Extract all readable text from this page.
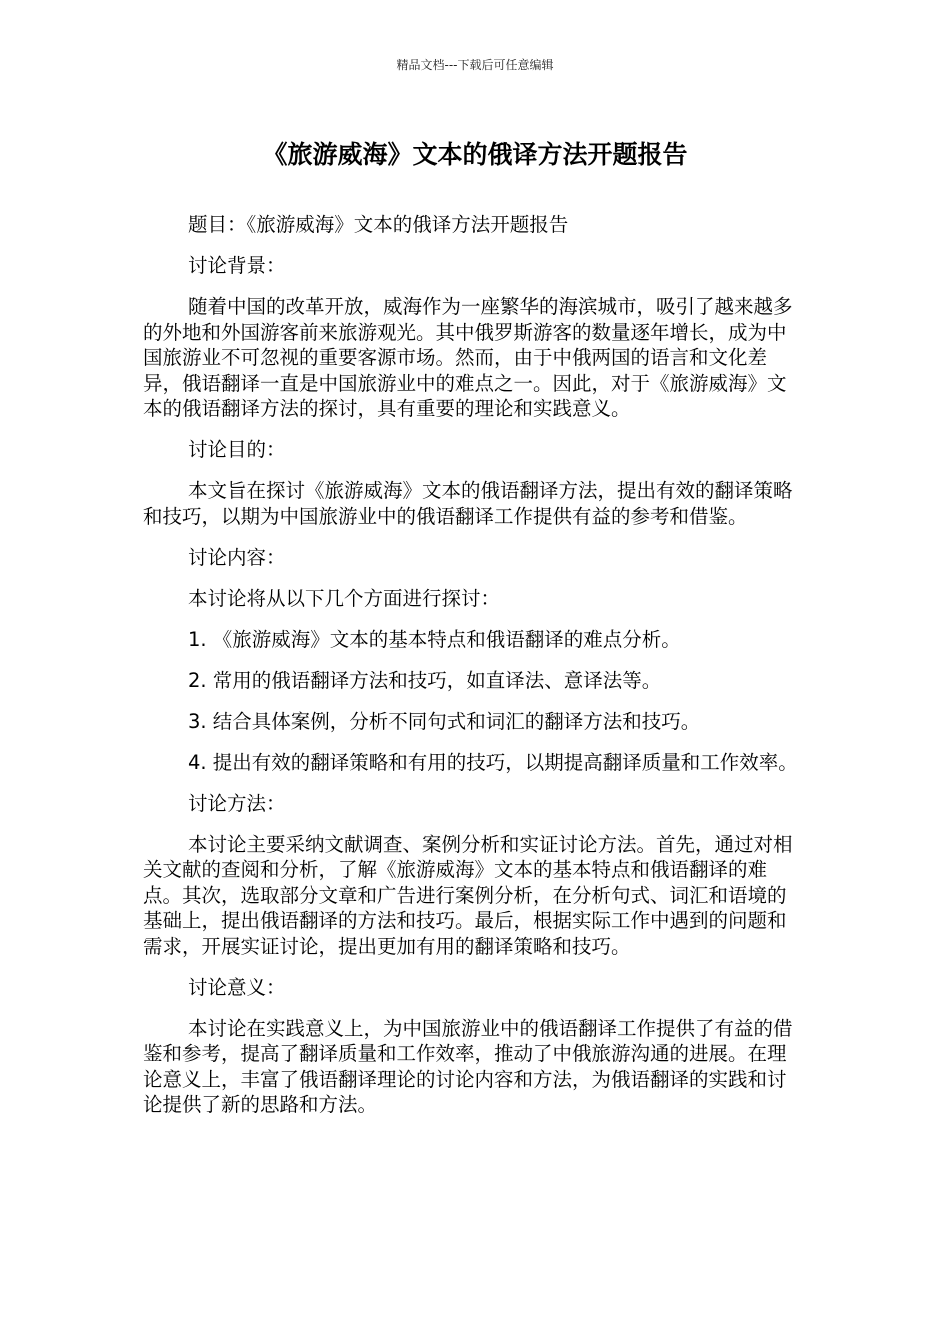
精品文档---下载后可任意编辑
《旅游威海》文本的俄译方法开题报告

题目：《旅游威海》文本的俄译方法开题报告

讨论背景：

随着中国的改革开放，威海作为一座繁华的海滨城市，吸引了越来越多的外地和外国游客前来旅游观光。其中俄罗斯游客的数量逐年增长，成为中国旅游业不可忽视的重要客源市场。然而，由于中俄两国的语言和文化差异，俄语翻译一直是中国旅游业中的难点之一。因此，对于《旅游威海》文本的俄语翻译方法的探讨，具有重要的理论和实践意义。

讨论目的：

本文旨在探讨《旅游威海》文本的俄语翻译方法，提出有效的翻译策略和技巧，以期为中国旅游业中的俄语翻译工作提供有益的参考和借鉴。

讨论内容：

本讨论将从以下几个方面进行探讨：

1. 《旅游威海》文本的基本特点和俄语翻译的难点分析。

2. 常用的俄语翻译方法和技巧，如直译法、意译法等。

3. 结合具体案例，分析不同句式和词汇的翻译方法和技巧。

4. 提出有效的翻译策略和有用的技巧，以期提高翻译质量和工作效率。

讨论方法：

本讨论主要采纳文献调查、案例分析和实证讨论方法。首先，通过对相关文献的查阅和分析，了解《旅游威海》文本的基本特点和俄语翻译的难点。其次，选取部分文章和广告进行案例分析，在分析句式、词汇和语境的基础上，提出俄语翻译的方法和技巧。最后，根据实际工作中遇到的问题和需求，开展实证讨论，提出更加有用的翻译策略和技巧。

讨论意义：

本讨论在实践意义上，为中国旅游业中的俄语翻译工作提供了有益的借鉴和参考，提高了翻译质量和工作效率，推动了中俄旅游沟通的进展。在理论意义上，丰富了俄语翻译理论的讨论内容和方法，为俄语翻译的实践和讨论提供了新的思路和方法。
